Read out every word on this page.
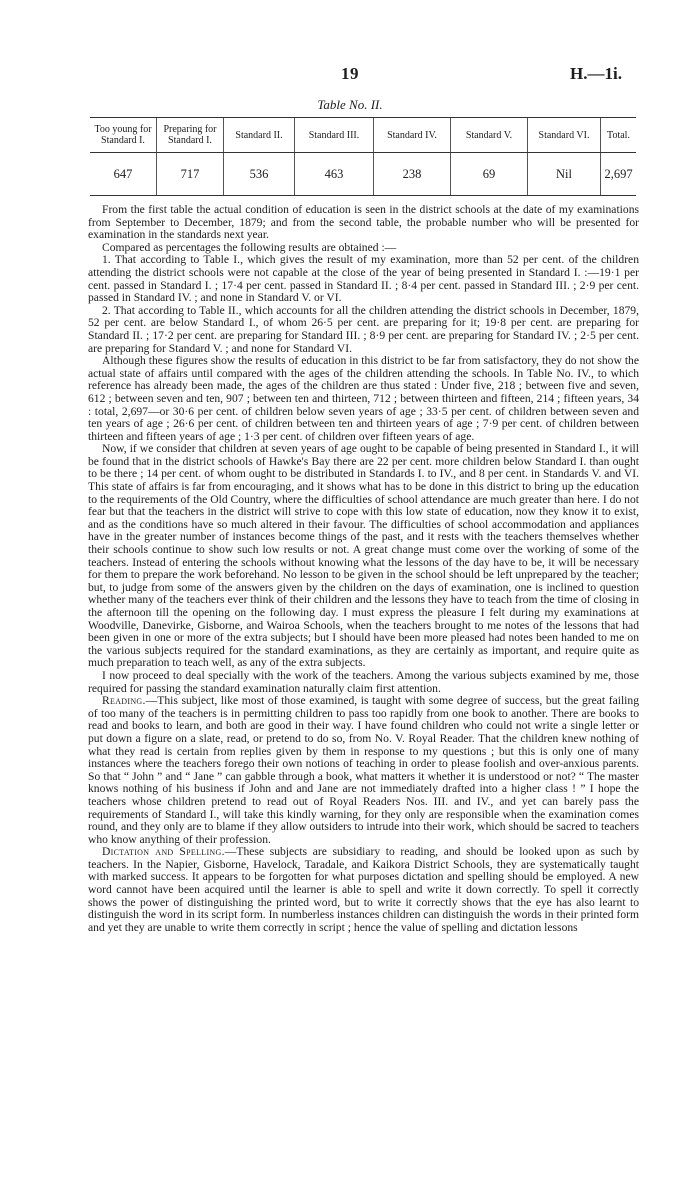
19	H.—1i.
Table No. II.
Too young for Standard I.	Preparing for Standard I.	Standard II.	Standard III.	Standard IV.	Standard V.	Standard VI.	Total.
647	717	536	463	238	69	Nil	2,697

From the first table the actual condition of education is seen in the district schools at the date of my examinations from September to December, 1879; and from the second table, the probable number who will be presented for examination in the standards next year.

Compared as percentages the following results are obtained :—

1. That according to Table I., which gives the result of my examination, more than 52 per cent. of the children attending the district schools were not capable at the close of the year of being presented in Standard I. :—19·1 per cent. passed in Standard I. ; 17·4 per cent. passed in Standard II. ; 8·4 per cent. passed in Standard III. ; 2·9 per cent. passed in Standard IV. ; and none in Standard V. or VI.

2. That according to Table II., which accounts for all the children attending the district schools in December, 1879, 52 per cent. are below Standard I., of whom 26·5 per cent. are preparing for it; 19·8 per cent. are preparing for Standard II. ; 17·2 per cent. are preparing for Standard III. ; 8·9 per cent. are preparing for Standard IV. ; 2·5 per cent. are preparing for Standard V. ; and none for Standard VI.

Although these figures show the results of education in this district to be far from satisfactory, they do not show the actual state of affairs until compared with the ages of the children attending the schools. In Table No. IV., to which reference has already been made, the ages of the children are thus stated : Under five, 218 ; between five and seven, 612 ; between seven and ten, 907 ; between ten and thirteen, 712 ; between thirteen and fifteen, 214 ; fifteen years, 34 : total, 2,697—or 30·6 per cent. of children below seven years of age ; 33·5 per cent. of children between seven and ten years of age ; 26·6 per cent. of children between ten and thirteen years of age ; 7·9 per cent. of children between thirteen and fifteen years of age ; 1·3 per cent. of children over fifteen years of age.

Now, if we consider that children at seven years of age ought to be capable of being presented in Standard I., it will be found that in the district schools of Hawke's Bay there are 22 per cent. more children below Standard I. than ought to be there ; 14 per cent. of whom ought to be distributed in Standards I. to IV., and 8 per cent. in Standards V. and VI. This state of affairs is far from encouraging, and it shows what has to be done in this district to bring up the education to the requirements of the Old Country, where the difficulties of school attendance are much greater than here. I do not fear but that the teachers in the district will strive to cope with this low state of education, now they know it to exist, and as the conditions have so much altered in their favour. The difficulties of school accommodation and appliances have in the greater number of instances become things of the past, and it rests with the teachers themselves whether their schools continue to show such low results or not. A great change must come over the working of some of the teachers. Instead of entering the schools without knowing what the lessons of the day have to be, it will be necessary for them to prepare the work beforehand. No lesson to be given in the school should be left unprepared by the teacher; but, to judge from some of the answers given by the children on the days of examination, one is inclined to question whether many of the teachers ever think of their children and the lessons they have to teach from the time of closing in the afternoon till the opening on the following day. I must express the pleasure I felt during my examinations at Woodville, Danevirke, Gisborne, and Wairoa Schools, when the teachers brought to me notes of the lessons that had been given in one or more of the extra subjects; but I should have been more pleased had notes been handed to me on the various subjects required for the standard examinations, as they are certainly as important, and require quite as much preparation to teach well, as any of the extra subjects.

I now proceed to deal specially with the work of the teachers. Among the various subjects examined by me, those required for passing the standard examination naturally claim first attention.

Reading.—This subject, like most of those examined, is taught with some degree of success, but the great failing of too many of the teachers is in permitting children to pass too rapidly from one book to another. There are books to read and books to learn, and both are good in their way. I have found children who could not write a single letter or put down a figure on a slate, read, or pretend to do so, from No. V. Royal Reader. That the children knew nothing of what they read is certain from replies given by them in response to my questions ; but this is only one of many instances where the teachers forego their own notions of teaching in order to please foolish and over-anxious parents. So that “ John ” and “ Jane ” can gabble through a book, what matters it whether it is understood or not? “ The master knows nothing of his business if John and and Jane are not immediately drafted into a higher class ! ” I hope the teachers whose children pretend to read out of Royal Readers Nos. III. and IV., and yet can barely pass the requirements of Standard I., will take this kindly warning, for they only are responsible when the examination comes round, and they only are to blame if they allow outsiders to intrude into their work, which should be sacred to teachers who know anything of their profession.

Dictation and Spelling.—These subjects are subsidiary to reading, and should be looked upon as such by teachers. In the Napier, Gisborne, Havelock, Taradale, and Kaikora District Schools, they are systematically taught with marked success. It appears to be forgotten for what purposes dictation and spelling should be employed. A new word cannot have been acquired until the learner is able to spell and write it down correctly. To spell it correctly shows the power of distinguishing the printed word, but to write it correctly shows that the eye has also learnt to distinguish the word in its script form. In numberless instances children can distinguish the words in their printed form and yet they are unable to write them correctly in script ; hence the value of spelling and dictation lessons
